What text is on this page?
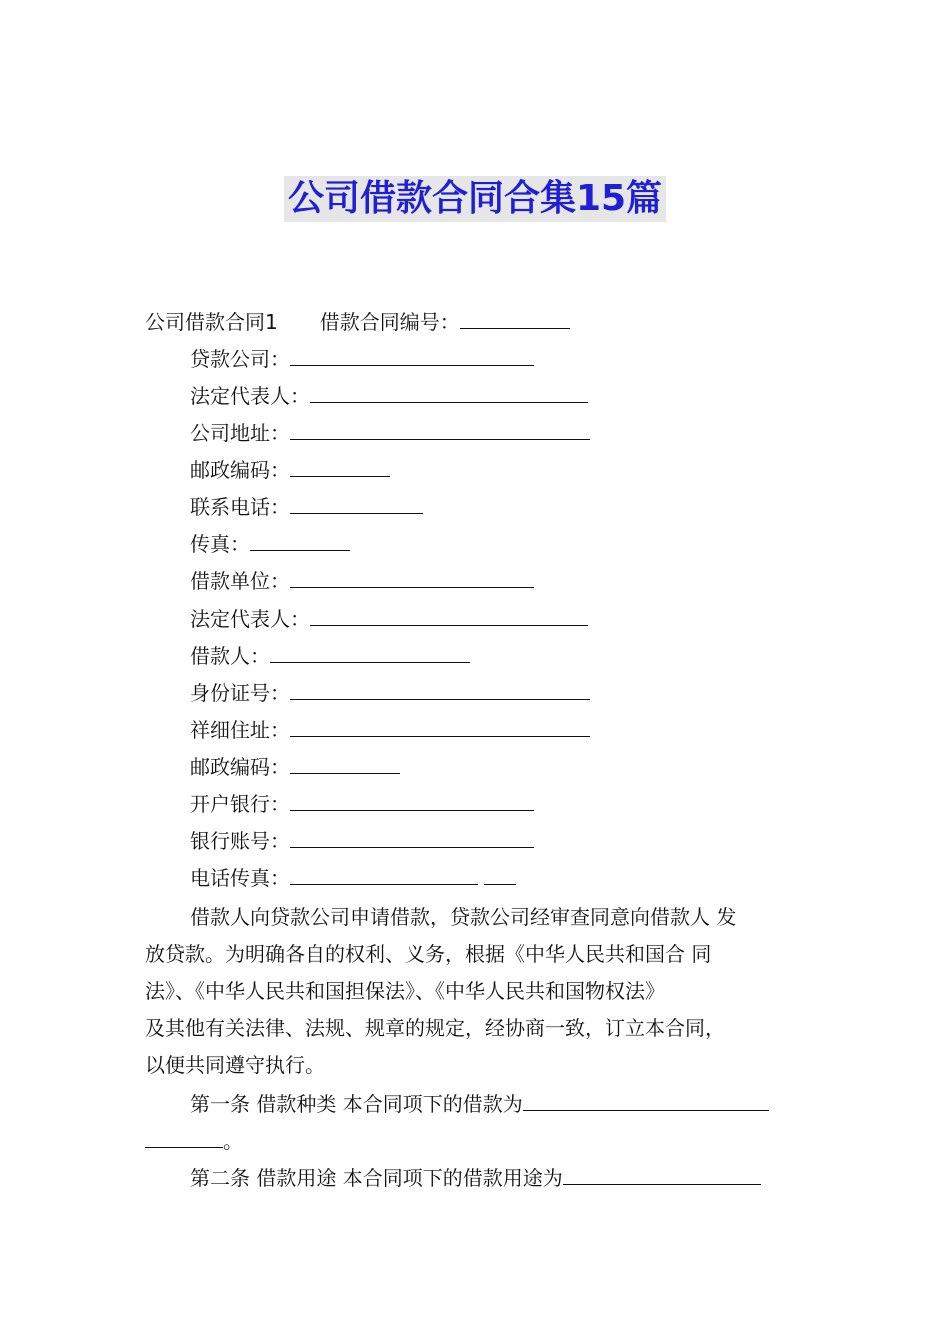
公司借款合同合集15篇
公司借款合同1 借款合同编号：
贷款公司：
法定代表人：
公司地址：
邮政编码：
联系电话：
传真：
借款单位：
法定代表人：
借款人：
身份证号：
祥细住址：
邮政编码：
开户银行：
银行账号：
电话传真：
借款人向贷款公司申请借款，贷款公司经审查同意向借款人 发
放贷款。为明确各自的权利、义务，根据《中华人民共和国合 同
法》、《中华人民共和国担保法》、《中华人民共和国物权法》
及其他有关法律、法规、规章的规定，经协商一致，订立本合同，
以便共同遵守执行。
第一条 借款种类 本合同项下的借款为
。
第二条 借款用途 本合同项下的借款用途为
